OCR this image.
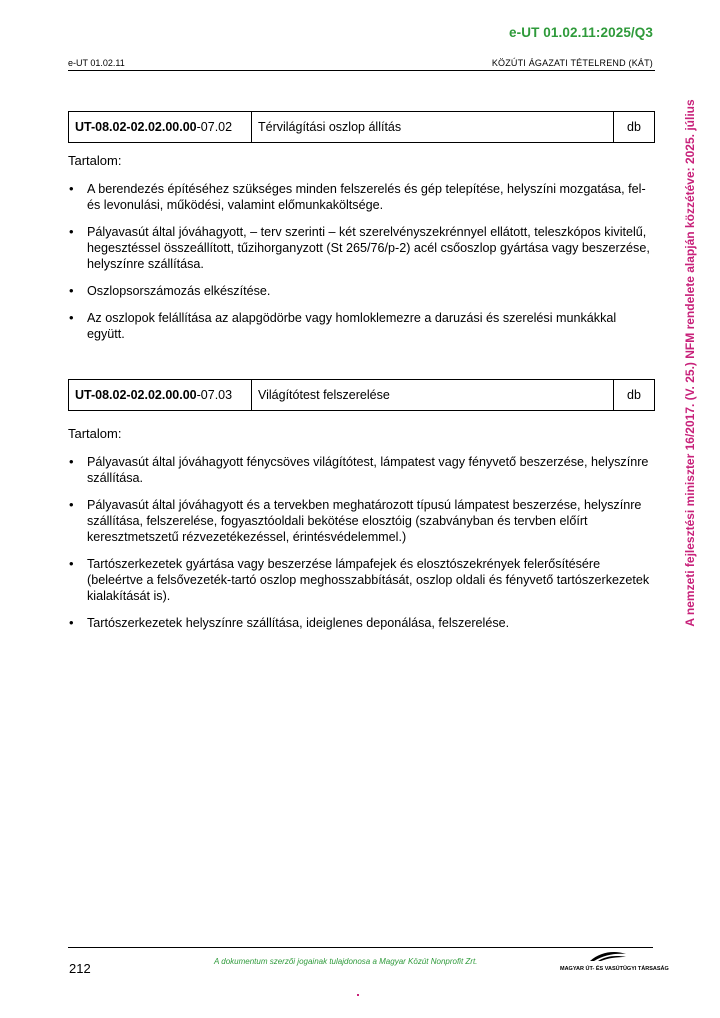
e-UT 01.02.11:2025/Q3
e-UT 01.02.11	KÖZÚTI ÁGAZATI TÉTELREND (KÁT)
UT-08.02-02.02.00.00 -07.02	Térvilágítási oszlop állítás	db
Tartalom:
• A berendezés építéséhez szükséges minden felszerelés és gép telepítése, helyszíni mozgatása, fel- és levonulási, működési, valamint előmunkaköltsége.
• Pályavasút által jóváhagyott, – terv szerinti – két szerelvényszekrénnyel ellátott, teleszkópos kivitelű, hegesztéssel összeállított, tűzihorganyzott (St 265/76/p-2) acél csőoszlop gyártása vagy beszerzése, helyszínre szállítása.
• Oszlopsorszámozás elkészítése.
• Az oszlopok felállítása az alapgödörbe vagy homloklemezre a daruzási és szerelési munkákkal együtt.
UT-08.02-02.02.00.00 -07.03	Világítótest felszerelése	db
Tartalom:
• Pályavasút által jóváhagyott fénycsöves világítótest, lámpatest vagy fényvető beszerzése, helyszínre szállítása.
• Pályavasút által jóváhagyott és a tervekben meghatározott típusú lámpatest beszerzése, helyszínre szállítása, felszerelése, fogyasztóoldali bekötése elosztóig (szabványban és tervben előírt keresztmetszetű rézvezetékezéssel, érintésvédelemmel.)
• Tartószerkezetek gyártása vagy beszerzése lámpafejek és elosztószekrények felerősítésére (beleértve a felsővezeték-tartó oszlop meghosszabbítását, oszlop oldali és fényvető tartószerkezetek kialakítását is).
• Tartószerkezetek helyszínre szállítása, ideiglenes deponálása, felszerelése.	A nemzeti fejlesztési miniszter 16/2017. (V. 25.) NFM rendelete alapján közzétéve: 2025. július
212	A dokumentum szerzői jogainak tulajdonosa a Magyar Közút Nonprofit Zrt.
MAGYAR ÚT- ÉS VASÚTÜGYI TÁRSASÁG
